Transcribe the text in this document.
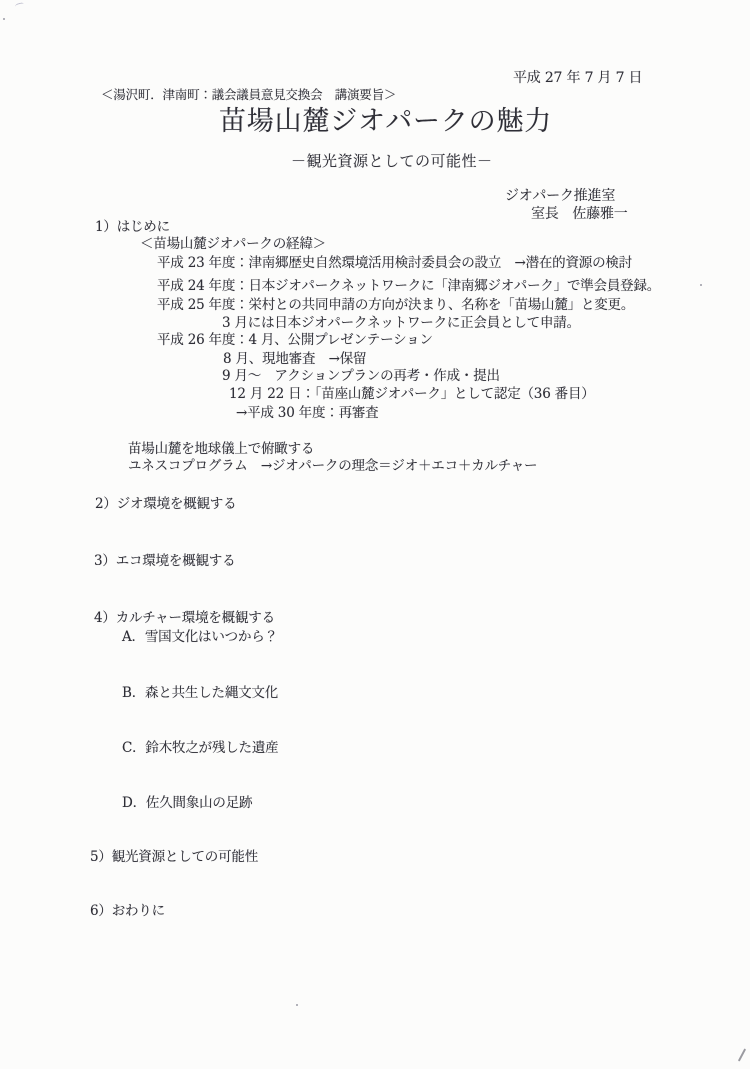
平成 27 年 7 月 7 日
＜湯沢町．津南町：議会議員意見交換会　講演要旨＞
苗場山麓ジオパークの魅力
－観光資源としての可能性－
ジオパーク推進室
室長　佐藤雅一
1）はじめに
＜苗場山麓ジオパークの経緯＞
平成 23 年度：津南郷歴史自然環境活用検討委員会の設立　→潜在的資源の検討
平成 24 年度：日本ジオパークネットワークに「津南郷ジオパーク」で準会員登録。
平成 25 年度：栄村との共同申請の方向が決まり、名称を「苗場山麓」と変更。
3 月には日本ジオパークネットワークに正会員として申請。
平成 26 年度：4 月、公開プレゼンテーション
8 月、現地審査　→保留
9 月～　アクションプランの再考・作成・提出
12 月 22 日：「苗座山麓ジオパーク」として認定（36 番目）
→平成 30 年度：再審査
苗場山麓を地球儀上で俯瞰する
ユネスコプログラム　→ジオパークの理念＝ジオ＋エコ＋カルチャー
2）ジオ環境を概観する
3）エコ環境を概観する
4）カルチャー環境を概観する
A．雪国文化はいつから？
B．森と共生した縄文文化
C．鈴木牧之が残した遺産
D．佐久間象山の足跡
5）観光資源としての可能性
6）おわりに
